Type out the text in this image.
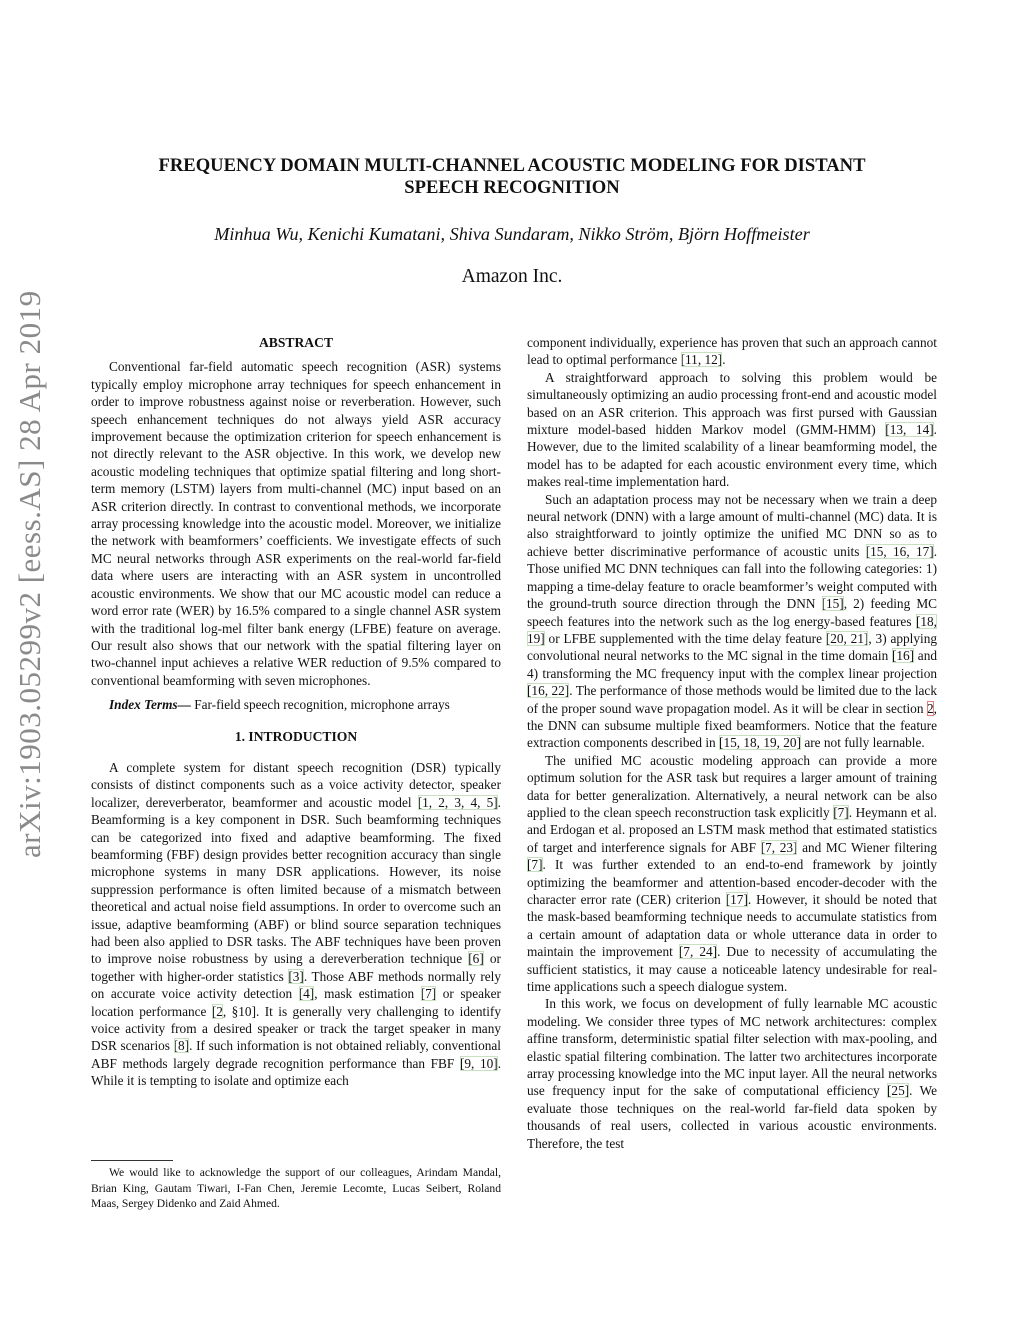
arXiv:1903.05299v2 [eess.AS] 28 Apr 2019
FREQUENCY DOMAIN MULTI-CHANNEL ACOUSTIC MODELING FOR DISTANT SPEECH RECOGNITION
Minhua Wu, Kenichi Kumatani, Shiva Sundaram, Nikko Ström, Björn Hoffmeister
Amazon Inc.
ABSTRACT

Conventional far-field automatic speech recognition (ASR) systems typically employ microphone array techniques for speech enhancement in order to improve robustness against noise or reverberation. However, such speech enhancement techniques do not always yield ASR accuracy improvement because the optimization criterion for speech enhancement is not directly relevant to the ASR objective. In this work, we develop new acoustic modeling techniques that optimize spatial filtering and long short-term memory (LSTM) layers from multi-channel (MC) input based on an ASR criterion directly. In contrast to conventional methods, we incorporate array processing knowledge into the acoustic model. Moreover, we initialize the network with beamformers’ coefficients. We investigate effects of such MC neural networks through ASR experiments on the real-world far-field data where users are interacting with an ASR system in uncontrolled acoustic environments. We show that our MC acoustic model can reduce a word error rate (WER) by 16.5% compared to a single channel ASR system with the traditional log-mel filter bank energy (LFBE) feature on average. Our result also shows that our network with the spatial filtering layer on two-channel input achieves a relative WER reduction of 9.5% compared to conventional beamforming with seven microphones.

Index Terms— Far-field speech recognition, microphone arrays

1. INTRODUCTION

A complete system for distant speech recognition (DSR) typically consists of distinct components such as a voice activity detector, speaker localizer, dereverberator, beamformer and acoustic model [1, 2, 3, 4, 5]. Beamforming is a key component in DSR. Such beamforming techniques can be categorized into fixed and adaptive beamforming. The fixed beamforming (FBF) design provides better recognition accuracy than single microphone systems in many DSR applications. However, its noise suppression performance is often limited because of a mismatch between theoretical and actual noise field assumptions. In order to overcome such an issue, adaptive beamforming (ABF) or blind source separation techniques had been also applied to DSR tasks. The ABF techniques have been proven to improve noise robustness by using a dereverberation technique [6] or together with higher-order statistics [3]. Those ABF methods normally rely on accurate voice activity detection [4], mask estimation [7] or speaker location performance [2, §10]. It is generally very challenging to identify voice activity from a desired speaker or track the target speaker in many DSR scenarios [8]. If such information is not obtained reliably, conventional ABF methods largely degrade recognition performance than FBF [9, 10]. While it is tempting to isolate and optimize each

We would like to acknowledge the support of our colleagues, Arindam Mandal, Brian King, Gautam Tiwari, I-Fan Chen, Jeremie Lecomte, Lucas Seibert, Roland Maas, Sergey Didenko and Zaid Ahmed.

component individually, experience has proven that such an approach cannot lead to optimal performance [11, 12].

A straightforward approach to solving this problem would be simultaneously optimizing an audio processing front-end and acoustic model based on an ASR criterion. This approach was first pursed with Gaussian mixture model-based hidden Markov model (GMM-HMM) [13, 14]. However, due to the limited scalability of a linear beamforming model, the model has to be adapted for each acoustic environment every time, which makes real-time implementation hard.

Such an adaptation process may not be necessary when we train a deep neural network (DNN) with a large amount of multi-channel (MC) data. It is also straightforward to jointly optimize the unified MC DNN so as to achieve better discriminative performance of acoustic units [15, 16, 17]. Those unified MC DNN techniques can fall into the following categories: 1) mapping a time-delay feature to oracle beamformer’s weight computed with the ground-truth source direction through the DNN [15], 2) feeding MC speech features into the network such as the log energy-based features [18, 19] or LFBE supplemented with the time delay feature [20, 21], 3) applying convolutional neural networks to the MC signal in the time domain [16] and 4) transforming the MC frequency input with the complex linear projection [16, 22]. The performance of those methods would be limited due to the lack of the proper sound wave propagation model. As it will be clear in section 2, the DNN can subsume multiple fixed beamformers. Notice that the feature extraction components described in [15, 18, 19, 20] are not fully learnable.

The unified MC acoustic modeling approach can provide a more optimum solution for the ASR task but requires a larger amount of training data for better generalization. Alternatively, a neural network can be also applied to the clean speech reconstruction task explicitly [7]. Heymann et al. and Erdogan et al. proposed an LSTM mask method that estimated statistics of target and interference signals for ABF [7, 23] and MC Wiener filtering [7]. It was further extended to an end-to-end framework by jointly optimizing the beamformer and attention-based encoder-decoder with the character error rate (CER) criterion [17]. However, it should be noted that the mask-based beamforming technique needs to accumulate statistics from a certain amount of adaptation data or whole utterance data in order to maintain the improvement [7, 24]. Due to necessity of accumulating the sufficient statistics, it may cause a noticeable latency undesirable for real-time applications such a speech dialogue system.

In this work, we focus on development of fully learnable MC acoustic modeling. We consider three types of MC network architectures: complex affine transform, deterministic spatial filter selection with max-pooling, and elastic spatial filtering combination. The latter two architectures incorporate array processing knowledge into the MC input layer. All the neural networks use frequency input for the sake of computational efficiency [25]. We evaluate those techniques on the real-world far-field data spoken by thousands of real users, collected in various acoustic environments. Therefore, the test
